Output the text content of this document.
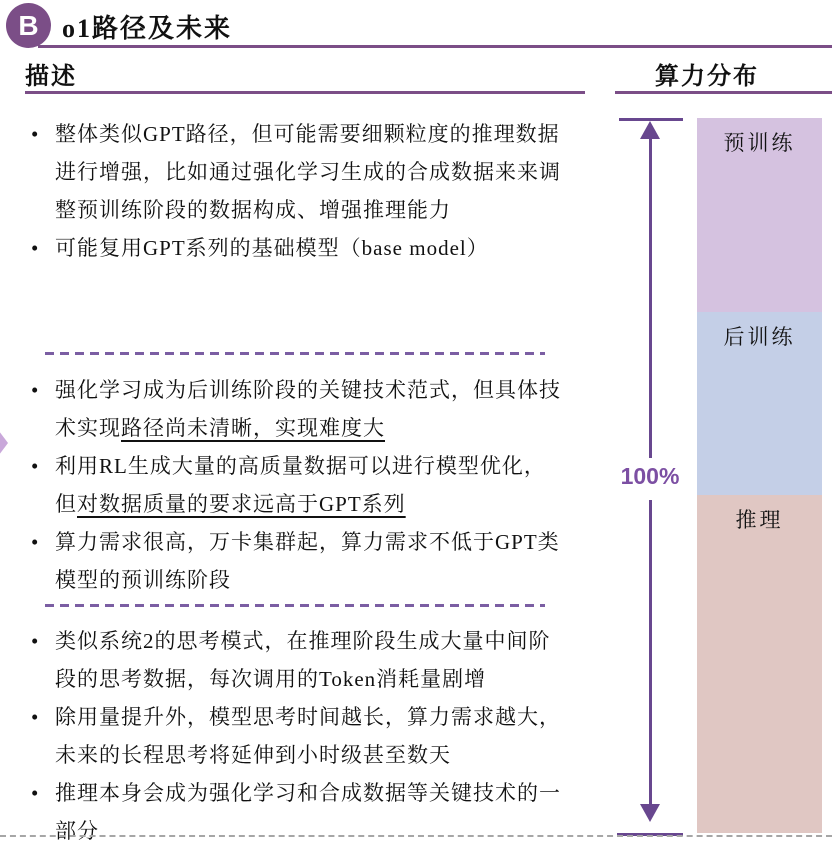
B o1路径及未来
描述	算力分布
• 整体类似GPT路径，但可能需要细颗粒度的推理数据进行增强，比如通过强化学习生成的合成数据来来调整预训练阶段的数据构成、增强推理能力
• 可能复用GPT系列的基础模型（base model）
• 强化学习成为后训练阶段的关键技术范式，但具体技术实现路径尚未清晰，实现难度大
• 利用RL生成大量的高质量数据可以进行模型优化，但对数据质量的要求远高于GPT系列
• 算力需求很高，万卡集群起，算力需求不低于GPT类模型的预训练阶段
• 类似系统2的思考模式，在推理阶段生成大量中间阶段的思考数据，每次调用的Token消耗量剧增
• 除用量提升外，模型思考时间越长，算力需求越大，未来的长程思考将延伸到小时级甚至数天
• 推理本身会成为强化学习和合成数据等关键技术的一部分
100%
预训练
后训练
推理
